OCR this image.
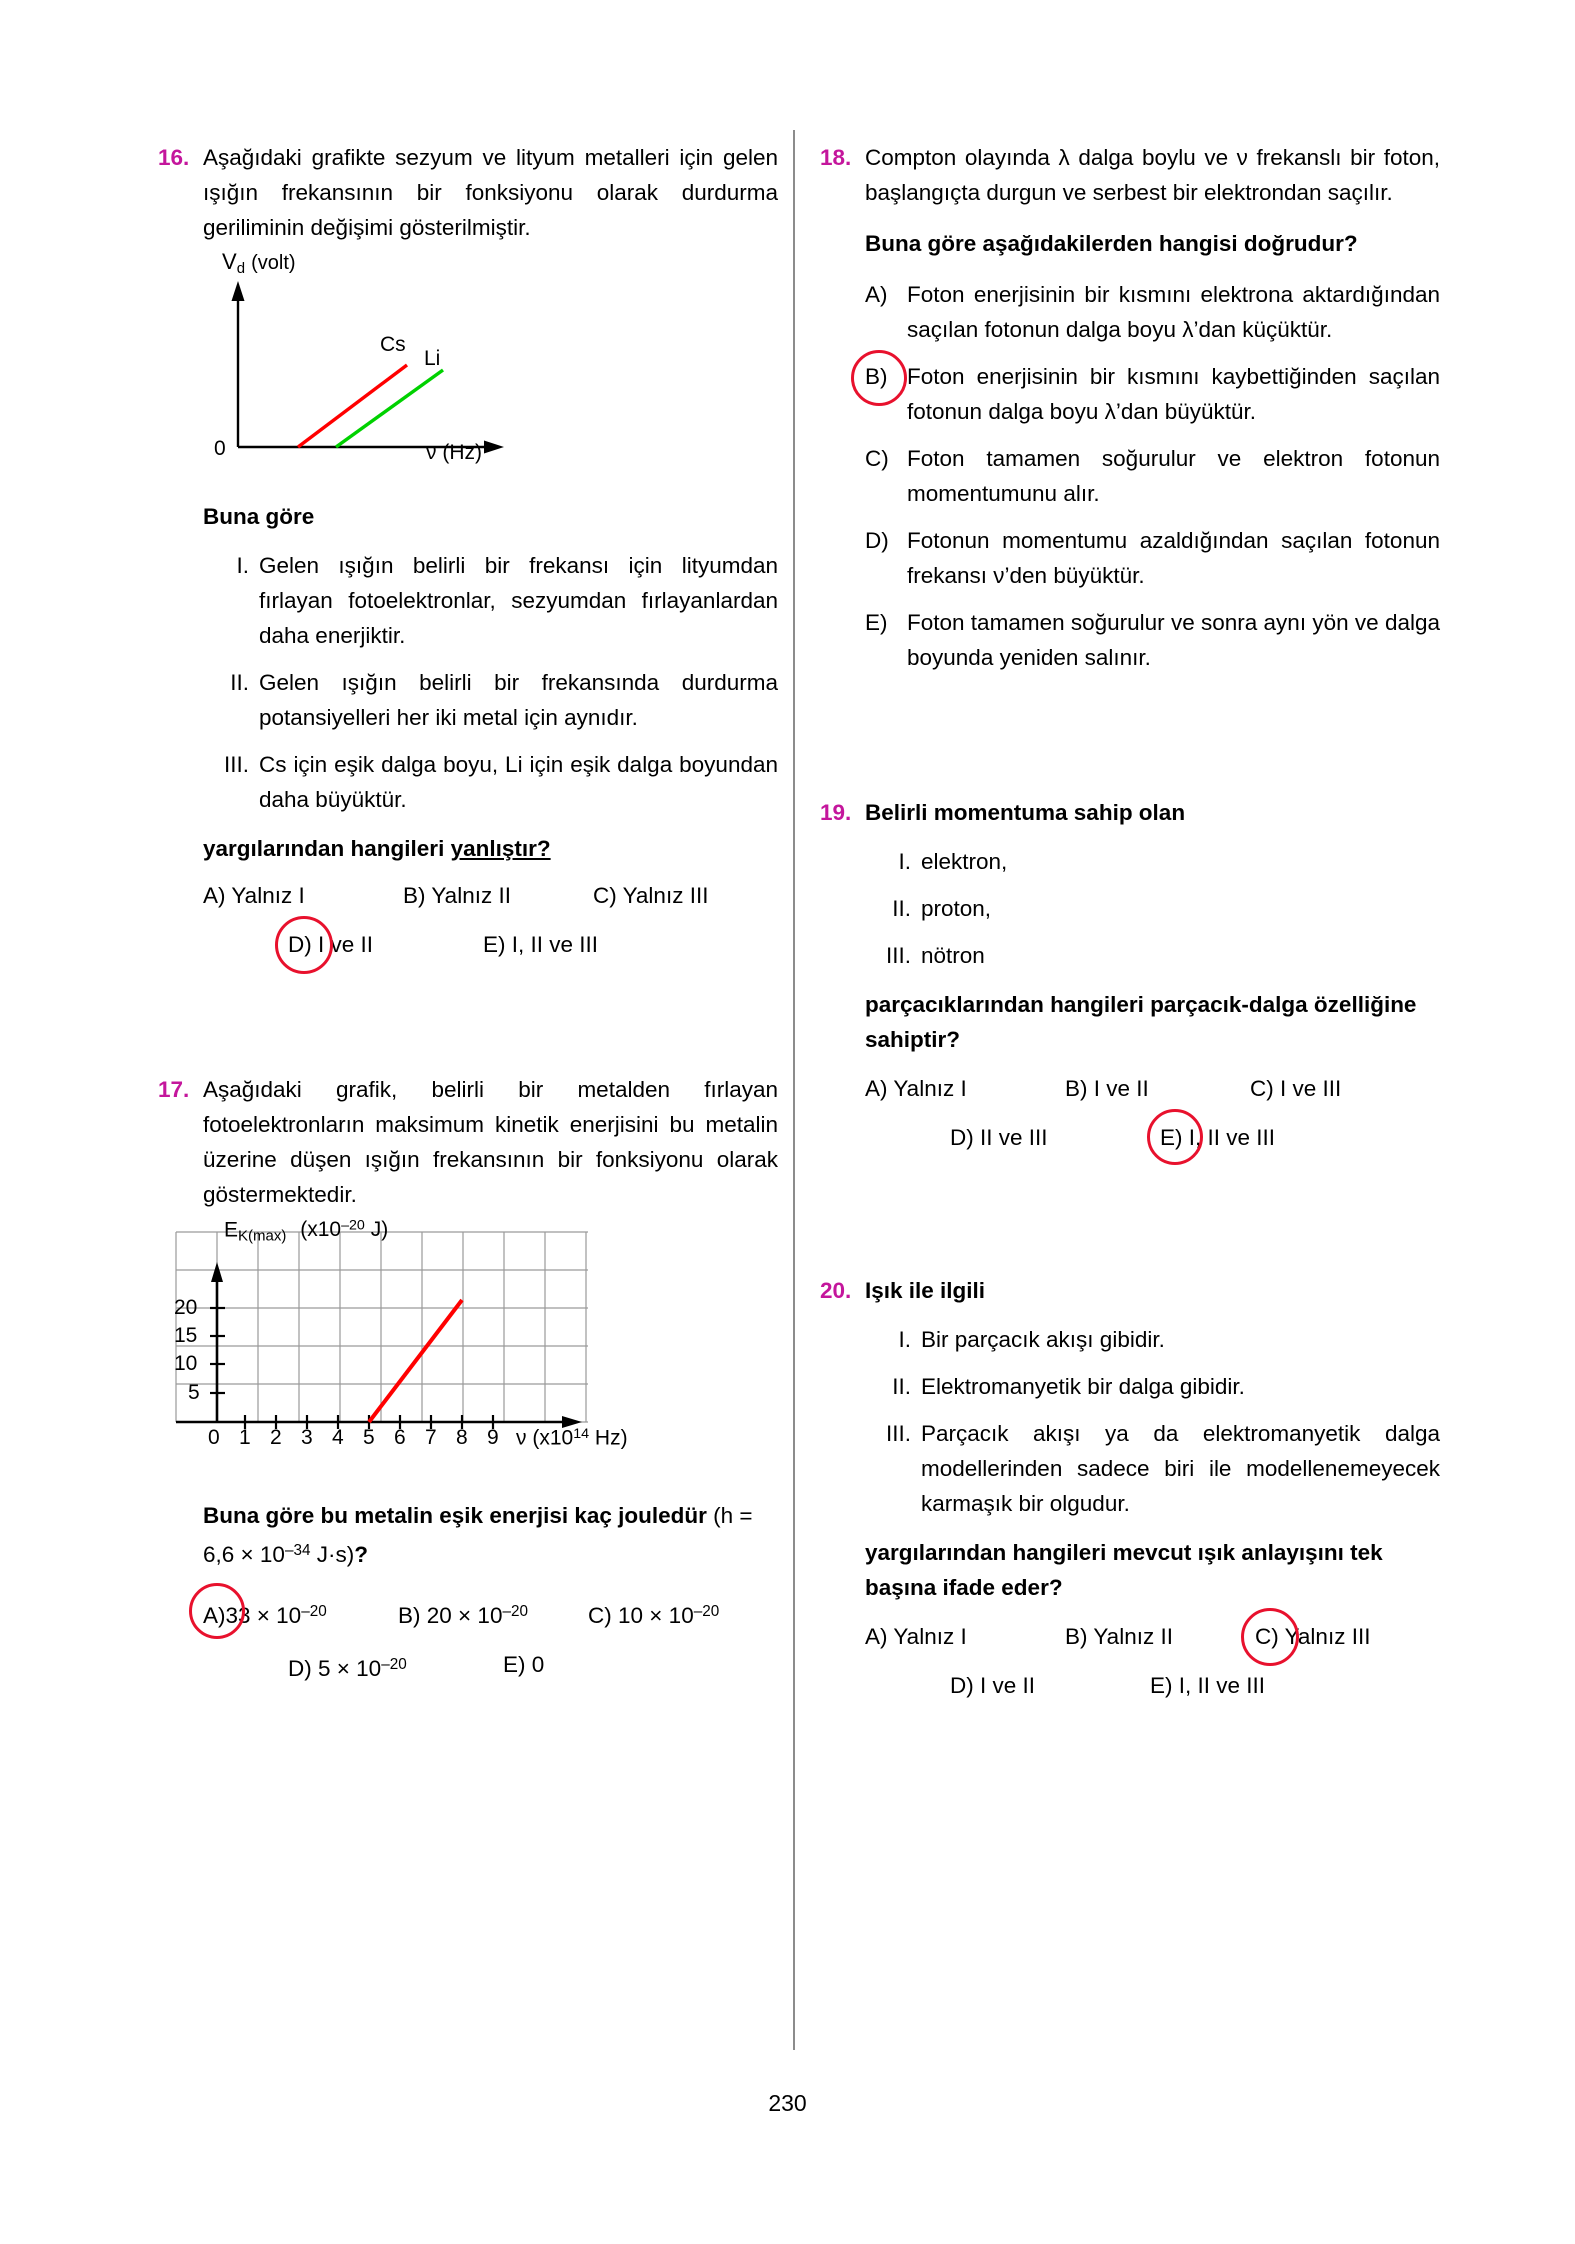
16. Aşağıdaki grafikte sezyum ve lityum metalleri için gelen ışığın frekansının bir fonksiyonu olarak durdurma geriliminin değişimi gösterilmiştir.
$V_d$ (volt)
0	ν (Hz)
Cs
Li
Buna göre
I. Gelen ışığın belirli bir frekansı için lityumdan fırlayan fotoelektronlar, sezyumdan fırlayanlardan daha enerjiktir.
II. Gelen ışığın belirli bir frekansında durdurma potansiyelleri her iki metal için aynıdır.
III. Cs için eşik dalga boyu, Li için eşik dalga boyundan daha büyüktür.
yargılarından hangileri yanlıştır?
A) Yalnız I	B) Yalnız II	C) Yalnız III
D) I ve II	E) I, II ve III
17. Aşağıdaki grafik, belirli bir metalden fırlayan fotoelektronların maksimum kinetik enerjisini bu metalin üzerine düşen ışığın frekansının bir fonksiyonu olarak göstermektedir.
$E_{K(max)}$ ($x10^{-20}$ J)
20
15
10
5
0 1 2 3 4 5 6 7 8 9 ν ($x10^{14}$ Hz)
Buna göre bu metalin eşik enerjisi kaç jouledür ($h = 6,6 \times 10^{-34}$ J·s)?
$A)33 \times 10^{-20}$	B) $20 \times 10^{-20}$	C) $10 \times 10^{-20}$
D) $5 \times 10^{-20}$	E) 0
18. Compton olayında λ dalga boylu ve ν frekanslı bir foton, başlangıçta durgun ve serbest bir elektrondan saçılır.
Buna göre aşağıdakilerden hangisi doğrudur?
A) Foton enerjisinin bir kısmını elektrona aktardığından saçılan fotonun dalga boyu λ’dan küçüktür.
B) Foton enerjisinin bir kısmını kaybettiğinden saçılan fotonun dalga boyu λ’dan büyüktür.
C) Foton tamamen soğurulur ve elektron fotonun momentumunu alır.
D) Fotonun momentumu azaldığından saçılan fotonun frekansı ν’den büyüktür.
E) Foton tamamen soğurulur ve sonra aynı yön ve dalga boyunda yeniden salınır.
19. Belirli momentuma sahip olan
I. elektron,
II. proton,
III. nötron
parçacıklarından hangileri parçacık-dalga özelliğine sahiptir?
A) Yalnız I	B) I ve II	C) I ve III
D) II ve III	E) I, II ve III
20. Işık ile ilgili
I. Bir parçacık akışı gibidir.
II. Elektromanyetik bir dalga gibidir.
III. Parçacık akışı ya da elektromanyetik dalga modellerinden sadece biri ile modellenemeyecek karmaşık bir olgudur.
yargılarından hangileri mevcut ışık anlayışını tek başına ifade eder?
A) Yalnız I	B) Yalnız II	C) Yalnız III
D) I ve II	E) I, II ve III
230
